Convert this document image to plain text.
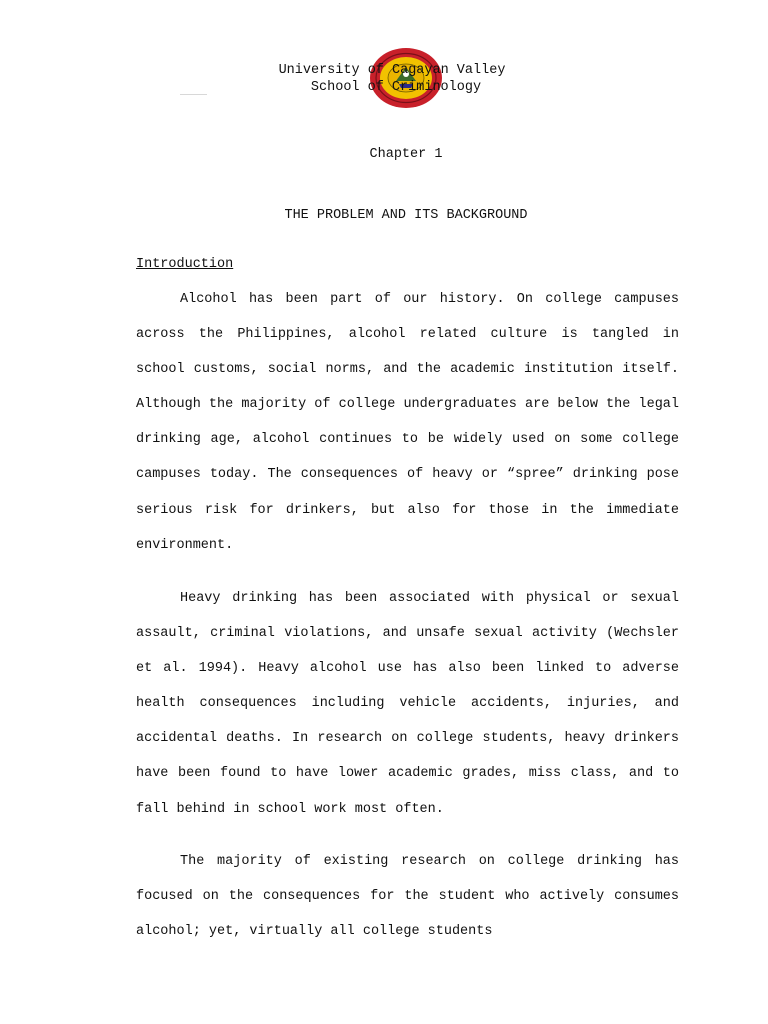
University of Cagayan Valley
School of Criminology
Chapter 1
THE PROBLEM AND ITS BACKGROUND
Introduction
Alcohol has been part of our history. On college campuses across the Philippines, alcohol related culture is tangled in school customs, social norms, and the academic institution itself. Although the majority of college undergraduates are below the legal drinking age, alcohol continues to be widely used on some college campuses today. The consequences of heavy or “spree” drinking pose serious risk for drinkers, but also for those in the immediate environment.
Heavy drinking has been associated with physical or sexual assault, criminal violations, and unsafe sexual activity (Wechsler et al. 1994). Heavy alcohol use has also been linked to adverse health consequences including vehicle accidents, injuries, and accidental deaths. In research on college students, heavy drinkers have been found to have lower academic grades, miss class, and to fall behind in school work most often.
The majority of existing research on college drinking has focused on the consequences for the student who actively consumes alcohol; yet, virtually all college students
